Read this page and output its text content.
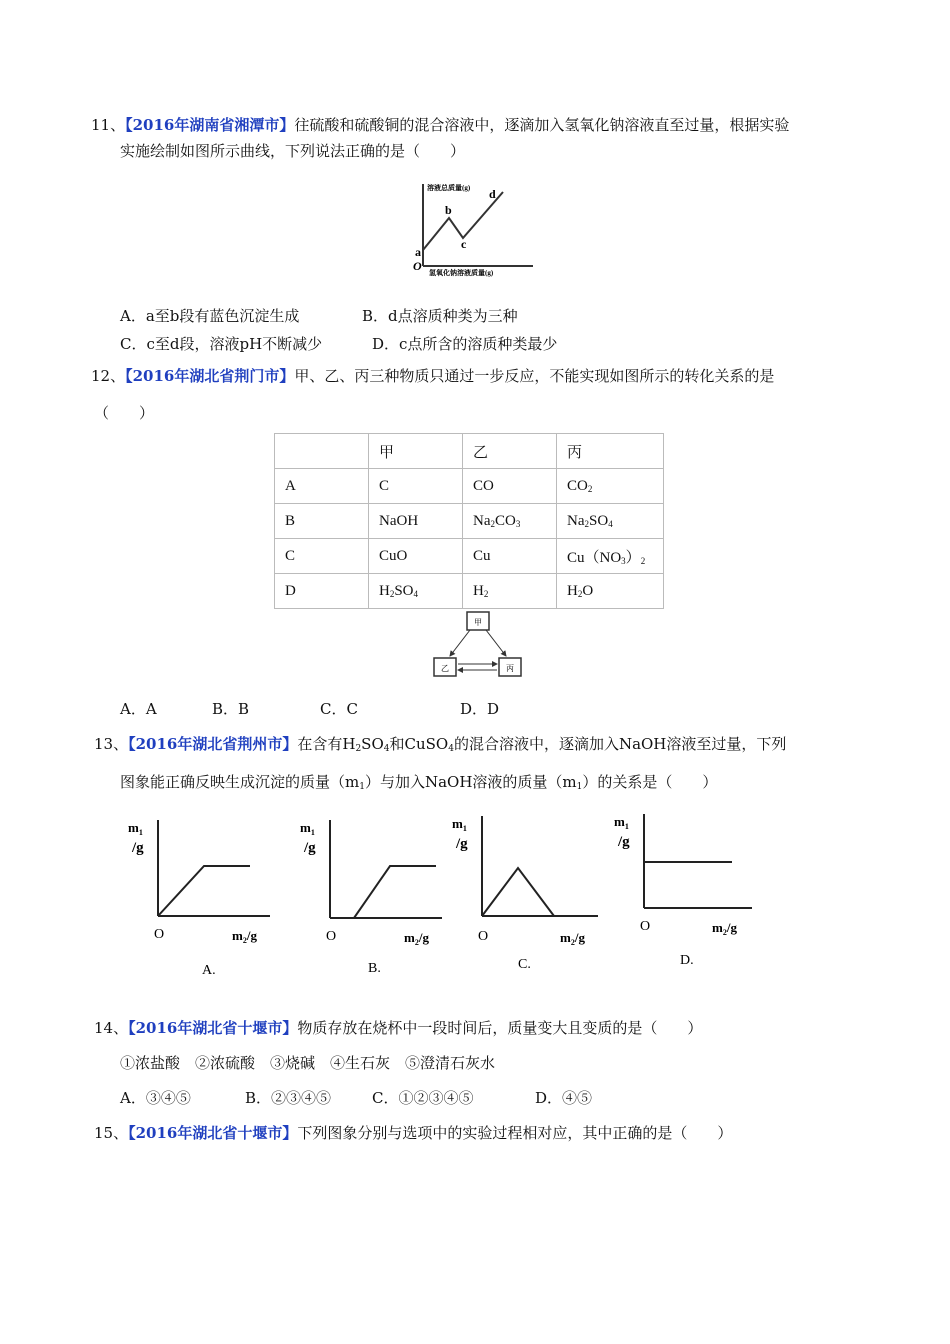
11、【2016年湖南省湘潭市】往硫酸和硫酸铜的混合溶液中，逐滴加入氢氧化钠溶液直至过量，根据实验
实施绘制如图所示曲线，下列说法正确的是（　　）
溶液总质量(g)
氢氧化钠溶液质量(g)
a
b
c
d
O
A．a至b段有蓝色沉淀生成	B．d点溶质种类为三种
C．c至d段，溶液pH不断减少	D．c点所含的溶质种类最少
12、【2016年湖北省荆门市】甲、乙、丙三种物质只通过一步反应，不能实现如图所示的转化关系的是
（　　）
	甲	乙	丙
A	C	CO	$CO_2$
B	NaOH	$Na_2CO_3$	$Na_2SO_4$
C	CuO	Cu	$Cu(NO_3)_2$
D	$H_2SO_4$	$H_2$	$H_2O$
甲
乙	丙
A．A	B．B	C．C	D．D
13、【2016年湖北省荆州市】在含有$H_2SO_4$和CuSO$_4$的混合溶液中，逐滴加入NaOH溶液至过量，下列
图象能正确反映生成沉淀的质量$(m_1)$与加入NaOH溶液的质量$(m_1)$的关系是（　　）
$m_1$
/g
O	$m_2/g$
A.
$m_1$
/g
O	$m_2/g$
B.
$m_1$
/g
O	$m_2/g$
C.
$m_1$
/g
O	$m_2/g$
D.
14、【2016年湖北省十堰市】物质存放在烧杯中一段时间后，质量变大且变质的是（　　）
①浓盐酸　②浓硫酸　③烧碱　④生石灰　⑤澄清石灰水
A．③④⑤	B．②③④⑤	C．①②③④⑤	D．④⑤
15、【2016年湖北省十堰市】下列图象分别与选项中的实验过程相对应，其中正确的是（　　）
